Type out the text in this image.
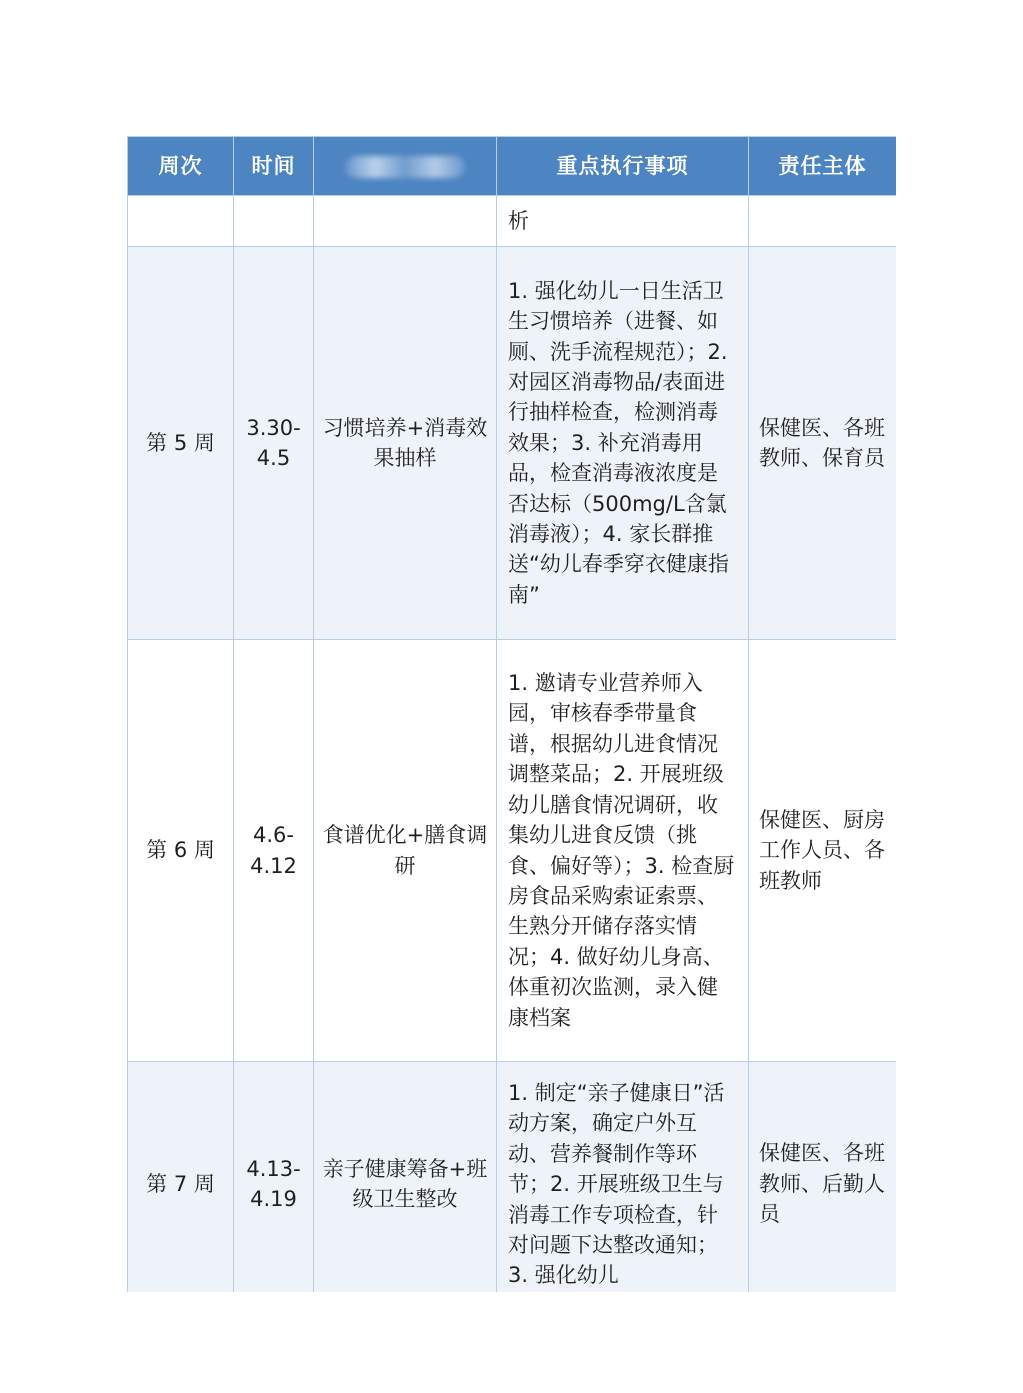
周次	时间		重点执行事项	责任主体
			析	
第 5 周	3.30-4.5	习惯培养+消毒效果抽样	1. 强化幼儿一日生活卫生习惯培养（进餐、如厕、洗手流程规范）；2. 对园区消毒物品/表面进行抽样检查，检测消毒效果；3. 补充消毒用品，检查消毒液浓度是否达标（500mg/L含氯消毒液）；4. 家长群推送“幼儿春季穿衣健康指南”	保健医、各班教师、保育员
第 6 周	4.6-4.12	食谱优化+膳食调研	1. 邀请专业营养师入园，审核春季带量食谱，根据幼儿进食情况调整菜品；2. 开展班级幼儿膳食情况调研，收集幼儿进食反馈（挑食、偏好等）；3. 检查厨房食品采购索证索票、生熟分开储存落实情况；4. 做好幼儿身高、体重初次监测，录入健康档案	保健医、厨房工作人员、各班教师
第 7 周	4.13-4.19	亲子健康筹备+班级卫生整改	1. 制定“亲子健康日”活动方案，确定户外互动、营养餐制作等环节；2. 开展班级卫生与消毒工作专项检查，针对问题下达整改通知；3. 强化幼儿	保健医、各班教师、后勤人员
